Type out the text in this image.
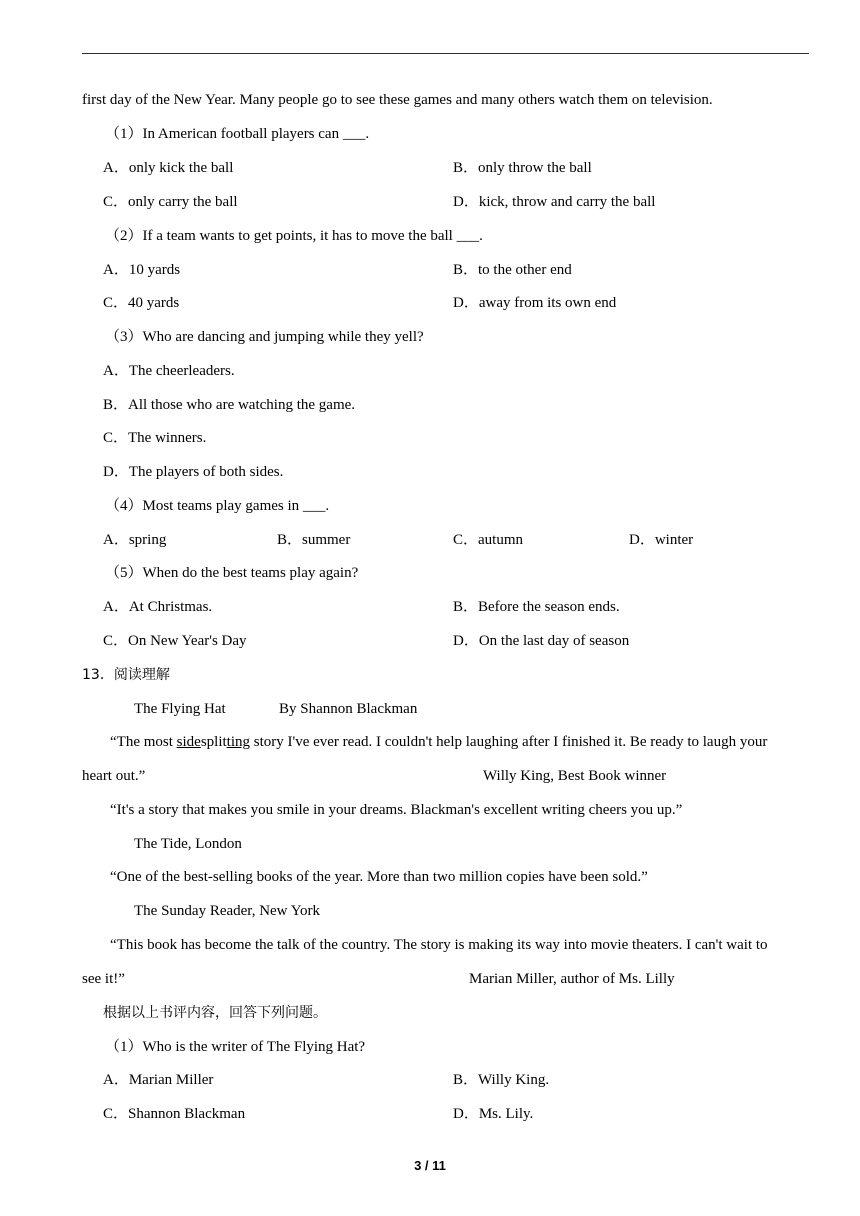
first day of the New Year. Many people go to see these games and many others watch them on television.
（1）In American football players can ___.
A．only kick the ball	B．only throw the ball
C．only carry the ball	D．kick, throw and carry the ball
（2）If a team wants to get points, it has to move the ball ___.
A．10 yards	B．to the other end
C．40 yards	D．away from its own end
（3）Who are dancing and jumping while they yell?
A．The cheerleaders.
B．All those who are watching the game.
C．The winners.
D．The players of both sides.
（4）Most teams play games in ___.
A．spring	B．summer	C．autumn	D．winter
（5）When do the best teams play again?
A．At Christmas.	B．Before the season ends.
C．On New Year's Day	D．On the last day of season
13．阅读理解
The Flying Hat	By Shannon Blackman
“The most sidesplitting story I've ever read. I couldn't help laughing after I finished it. Be ready to laugh your
heart out.”	Willy King, Best Book winner
“It's a story that makes you smile in your dreams. Blackman's excellent writing cheers you up.”
The Tide, London
“One of the best-selling books of the year. More than two million copies have been sold.”
The Sunday Reader, New York
“This book has become the talk of the country. The story is making its way into movie theaters. I can't wait to
see it!”	Marian Miller, author of Ms. Lilly
根据以上书评内容，回答下列问题。
（1）Who is the writer of The Flying Hat?
A．Marian Miller	B．Willy King.
C．Shannon Blackman	D．Ms. Lily.
3 / 11
